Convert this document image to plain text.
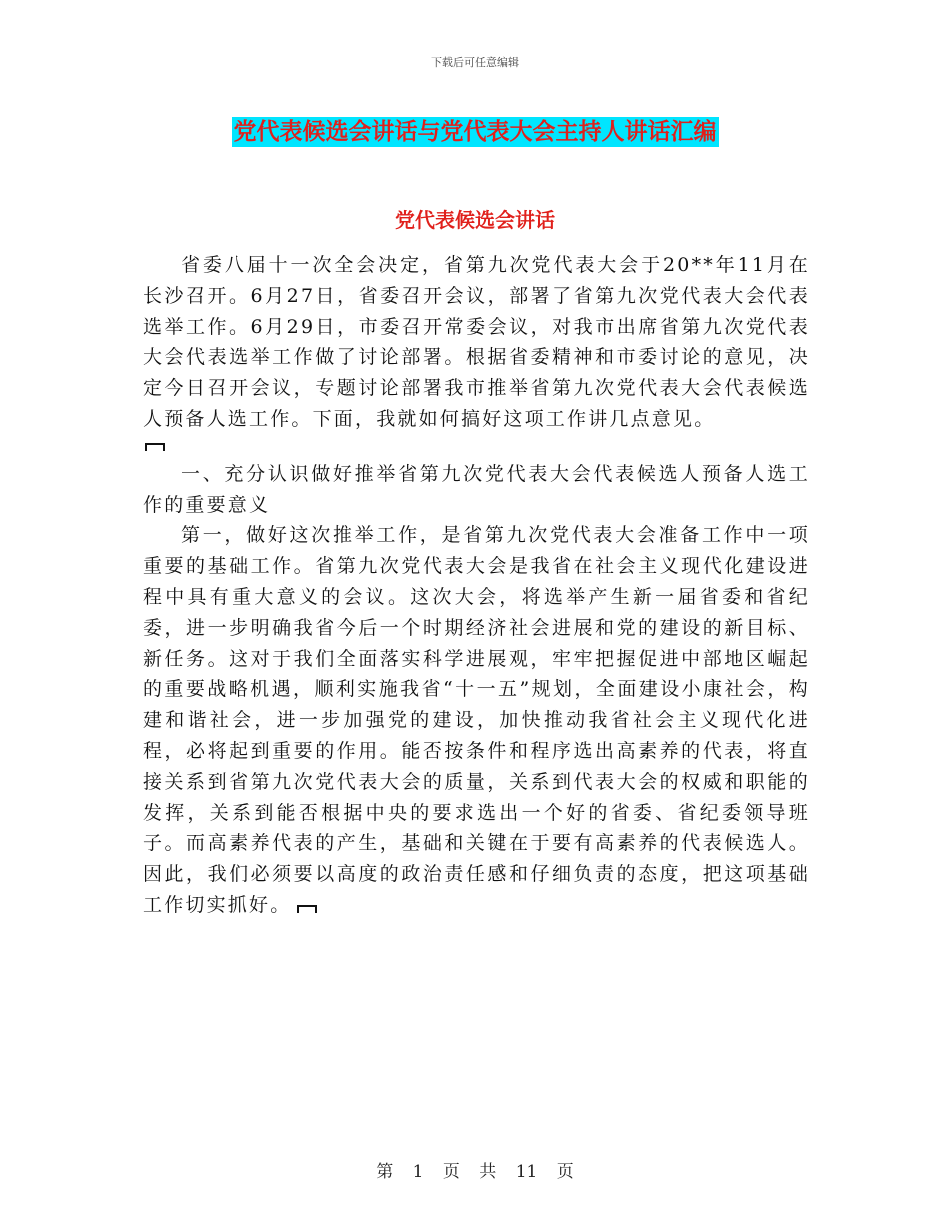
下载后可任意编辑
党代表候选会讲话与党代表大会主持人讲话汇编
党代表候选会讲话

省委八届十一次全会决定，省第九次党代表大会于20**年11月在长沙召开。6月27日，省委召开会议，部署了省第九次党代表大会代表选举工作。6月29日，市委召开常委会议，对我市出席省第九次党代表大会代表选举工作做了讨论部署。根据省委精神和市委讨论的意见，决定今日召开会议，专题讨论部署我市推举省第九次党代表大会代表候选人预备人选工作。下面，我就如何搞好这项工作讲几点意见。

一、充分认识做好推举省第九次党代表大会代表候选人预备人选工作的重要意义

第一，做好这次推举工作，是省第九次党代表大会准备工作中一项重要的基础工作。省第九次党代表大会是我省在社会主义现代化建设进程中具有重大意义的会议。这次大会，将选举产生新一届省委和省纪委，进一步明确我省今后一个时期经济社会进展和党的建设的新目标、新任务。这对于我们全面落实科学进展观，牢牢把握促进中部地区崛起的重要战略机遇，顺利实施我省“十一五”规划，全面建设小康社会，构建和谐社会，进一步加强党的建设，加快推动我省社会主义现代化进程，必将起到重要的作用。能否按条件和程序选出高素养的代表，将直接关系到省第九次党代表大会的质量，关系到代表大会的权威和职能的发挥，关系到能否根据中央的要求选出一个好的省委、省纪委领导班子。而高素养代表的产生，基础和关键在于要有高素养的代表候选人。因此，我们必须要以高度的政治责任感和仔细负责的态度，把这项基础工作切实抓好。

第 1 页 共 11 页
